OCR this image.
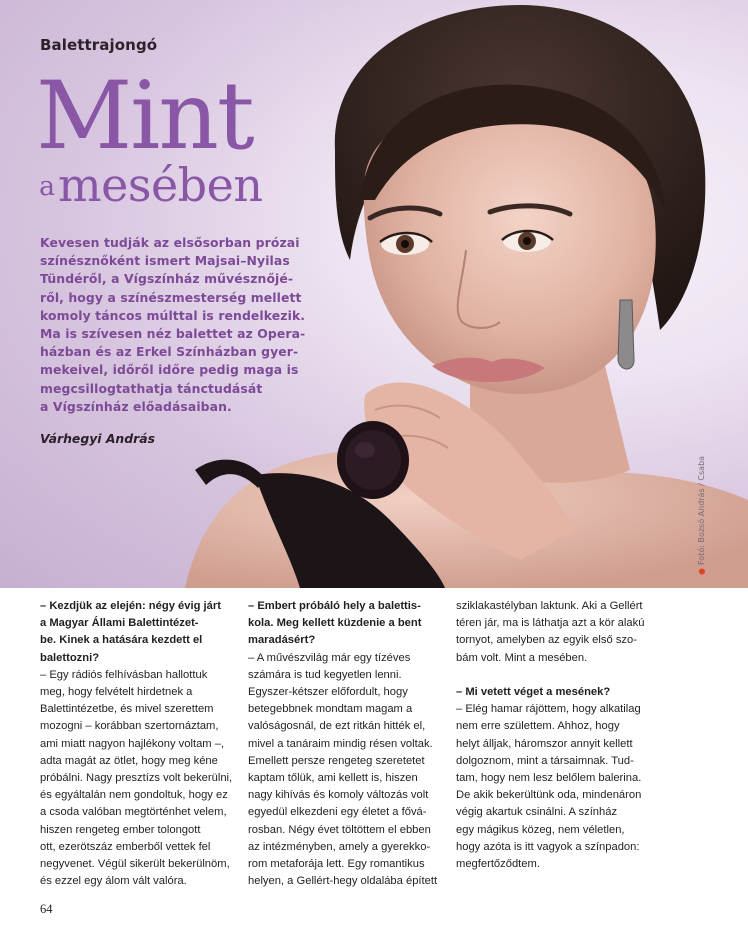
Balettrajongó
Mint
a mesében

Kevesen tudják az elsősorban prózai

színésznőként ismert Majsai–Nyilas

Tündéről, a Vígszínház művésznőjé-

ről, hogy a színészmesterség mellett

komoly táncos múlttal is rendelkezik.

Ma is szívesen néz balettet az Opera-

házban és az Erkel Színházban gyer-

mekeivel, időről időre pedig maga is

megcsillogtathatja tánctudását

a Vígszínház előadásaiban.

Várhegyi András
●Fotó: Bozsó András / Csaba

– Kezdjük az elején: négy évig járt

a Magyar Állami Balettintézet-

be. Kinek a hatására kezdett el

balettozni?

– Egy rádiós felhívásban hallottuk

meg, hogy felvételt hirdetnek a

Balettintézetbe, és mivel szerettem

mozogni – korábban szertornáztam,

ami miatt nagyon hajlékony voltam –,

adta magát az ötlet, hogy meg kéne

próbálni. Nagy presztízs volt bekerülni,

és egyáltalán nem gondoltuk, hogy ez

a csoda valóban megtörténhet velem,

hiszen rengeteg ember tolongott

ott, ezerötszáz emberből vettek fel

negyvenet. Végül sikerült bekerülnöm,

és ezzel egy álom vált valóra.

– Embert próbáló hely a balettis-

kola. Meg kellett küzdenie a bent

maradásért?

– A művészvilág már egy tízéves

számára is tud kegyetlen lenni.

Egyszer-kétszer előfordult, hogy

betegebbnek mondtam magam a

valóságosnál, de ezt ritkán hitték el,

mivel a tanáraim mindig résen voltak.

Emellett persze rengeteg szeretetet

kaptam tőlük, ami kellett is, hiszen

nagy kihívás és komoly változás volt

egyedül elkezdeni egy életet a fővá-

rosban. Négy évet töltöttem el ebben

az intézményben, amely a gyerekko-

rom metaforája lett. Egy romantikus

helyen, a Gellért-hegy oldalába épített

sziklakastélyban laktunk. Aki a Gellért

téren jár, ma is láthatja azt a kör alakú

tornyot, amelyben az egyik első szo-

bám volt. Mint a mesében.

– Mi vetett véget a mesének?

– Elég hamar rájöttem, hogy alkatilag

nem erre születtem. Ahhoz, hogy

helyt álljak, háromszor annyit kellett

dolgoznom, mint a társaimnak. Tud-

tam, hogy nem lesz belőlem balerina.

De akik bekerültünk oda, mindenáron

végig akartuk csinálni. A színház

egy mágikus közeg, nem véletlen,

hogy azóta is itt vagyok a színpadon:

megfertőződtem.

64
